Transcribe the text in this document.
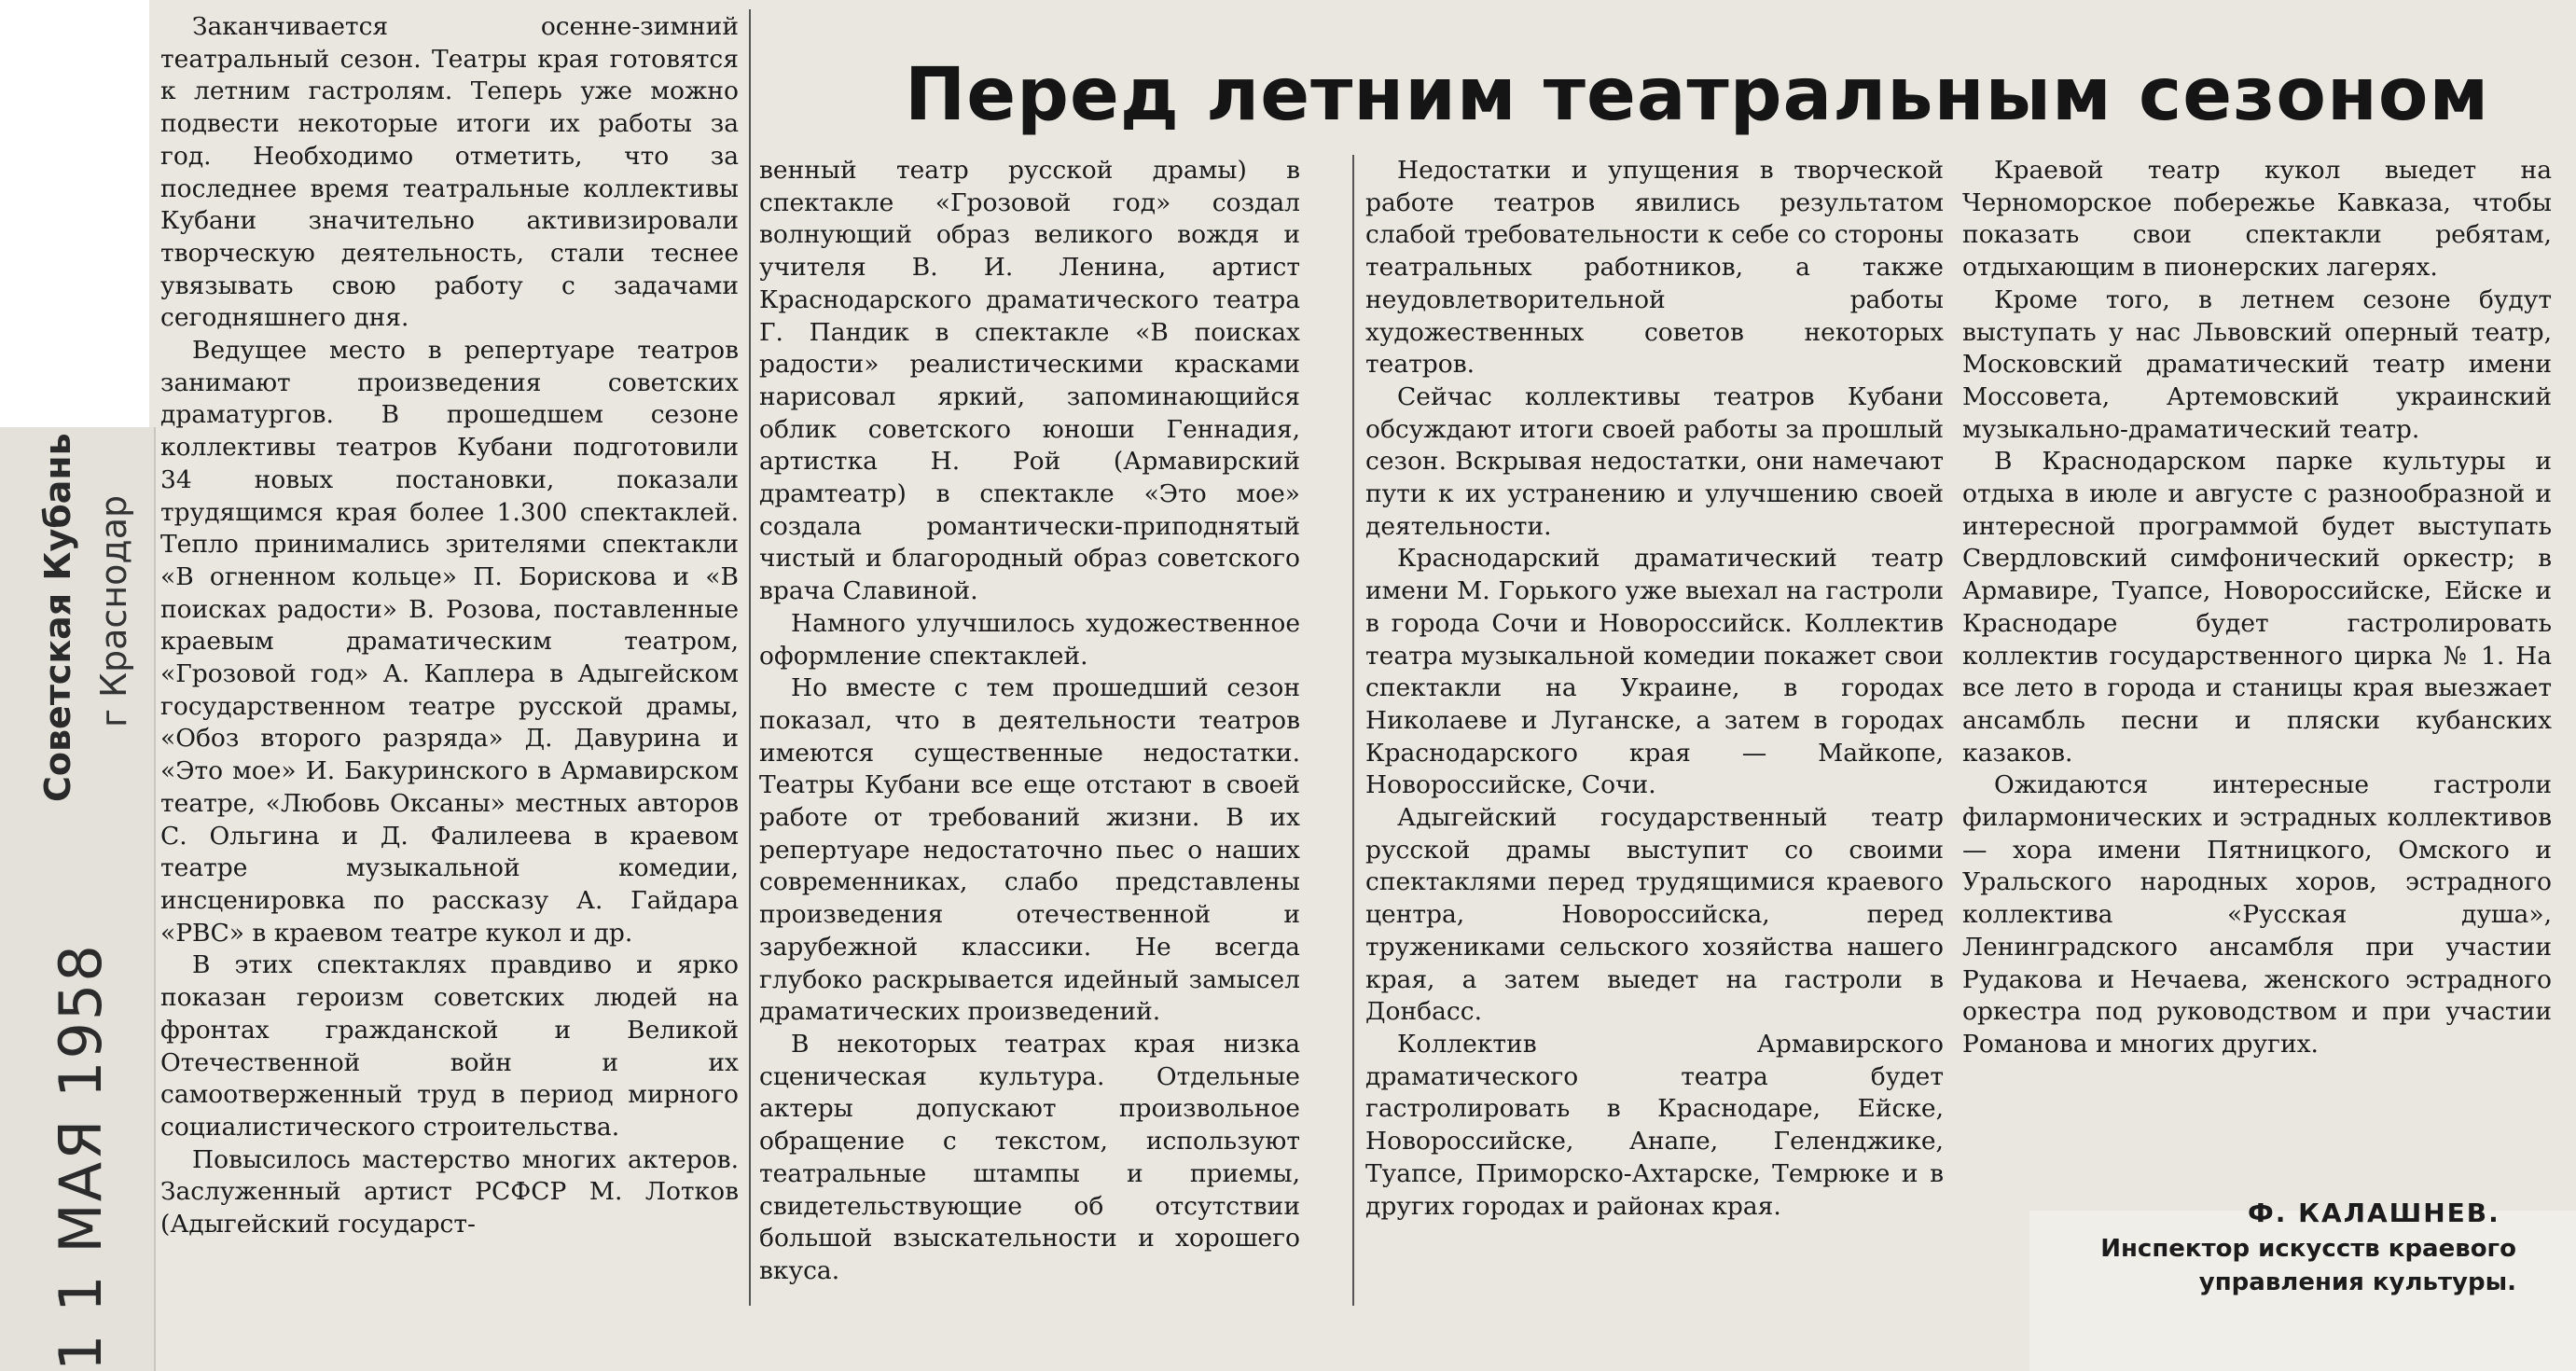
Советская Кубань г Краснодар
1 1 МАЯ 1958
Перед летним театральным сезоном

Заканчивается осенне-зимний театральный сезон. Театры края готовятся к летним гастролям. Теперь уже можно подвести некоторые итоги их работы за год. Необходимо отметить, что за последнее время театральные коллективы Кубани значительно активизировали творческую деятельность, стали теснее увязывать свою работу с задачами сегодняшнего дня.

Ведущее место в репертуаре театров занимают произведения советских драматургов. В прошедшем сезоне коллективы театров Кубани подготовили 34 новых постановки, показали трудящимся края более 1.300 спектаклей. Тепло принимались зрителями спектакли «В огненном кольце» П. Борискова и «В поисках радости» В. Розова, поставленные краевым драматическим театром, «Грозовой год» А. Каплера в Адыгейском государственном театре русской драмы, «Обоз второго разряда» Д. Давурина и «Это мое» И. Бакуринского в Армавирском театре, «Любовь Оксаны» местных авторов С. Ольгина и Д. Фалилеева в краевом театре музыкальной комедии, инсценировка по рассказу А. Гайдара «РВС» в краевом театре кукол и др.

В этих спектаклях правдиво и ярко показан героизм советских людей на фронтах гражданской и Великой Отечественной войн и их самоотверженный труд в период мирного социалистического строительства.

Повысилось мастерство многих актеров. Заслуженный артист РСФСР М. Лотков (Адыгейский государст-

венный театр русской драмы) в спектакле «Грозовой год» создал волнующий образ великого вождя и учителя В. И. Ленина, артист Краснодарского драматического театра Г. Пандик в спектакле «В поисках радости» реалистическими красками нарисовал яркий, запоминающийся облик советского юноши Геннадия, артистка Н. Рой (Армавирский драмтеатр) в спектакле «Это мое» создала романтически-приподнятый чистый и благородный образ советского врача Славиной.

Намного улучшилось художественное оформление спектаклей.

Но вместе с тем прошедший сезон показал, что в деятельности театров имеются существенные недостатки. Театры Кубани все еще отстают в своей работе от требований жизни. В их репертуаре недостаточно пьес о наших современниках, слабо представлены произведения отечественной и зарубежной классики. Не всегда глубоко раскрывается идейный замысел драматических произведений.

В некоторых театрах края низка сценическая культура. Отдельные актеры допускают произвольное обращение с текстом, используют театральные штампы и приемы, свидетельствующие об отсутствии большой взыскательности и хорошего вкуса.

Недостатки и упущения в творческой работе театров явились результатом слабой требовательности к себе со стороны театральных работников, а также неудовлетворительной работы художественных советов некоторых театров.

Сейчас коллективы театров Кубани обсуждают итоги своей работы за прошлый сезон. Вскрывая недостатки, они намечают пути к их устранению и улучшению своей деятельности.

Краснодарский драматический театр имени М. Горького уже выехал на гастроли в города Сочи и Новороссийск. Коллектив театра музыкальной комедии покажет свои спектакли на Украине, в городах Николаеве и Луганске, а затем в городах Краснодарского края — Майкопе, Новороссийске, Сочи.

Адыгейский государственный театр русской драмы выступит со своими спектаклями перед трудящимися краевого центра, Новороссийска, перед тружениками сельского хозяйства нашего края, а затем выедет на гастроли в Донбасс.

Коллектив Армавирского драматического театра будет гастролировать в Краснодаре, Ейске, Новороссийске, Анапе, Геленджике, Туапсе, Приморско-Ахтарске, Темрюке и в других городах и районах края.

Краевой театр кукол выедет на Черноморское побережье Кавказа, чтобы показать свои спектакли ребятам, отдыхающим в пионерских лагерях.

Кроме того, в летнем сезоне будут выступать у нас Львовский оперный театр, Московский драматический театр имени Моссовета, Артемовский украинский музыкально-драматический театр.

В Краснодарском парке культуры и отдыха в июле и августе с разнообразной и интересной программой будет выступать Свердловский симфонический оркестр; в Армавире, Туапсе, Новороссийске, Ейске и Краснодаре будет гастролировать коллектив государственного цирка № 1. На все лето в города и станицы края выезжает ансамбль песни и пляски кубанских казаков.

Ожидаются интересные гастроли филармонических и эстрадных коллективов — хора имени Пятницкого, Омского и Уральского народных хоров, эстрадного коллектива «Русская душа», Ленинградского ансамбля при участии Рудакова и Нечаева, женского эстрадного оркестра под руководством и при участии Романова и многих других.

Ф. КАЛАШНЕВ.

Инспектор искусств краевого управления культуры.
